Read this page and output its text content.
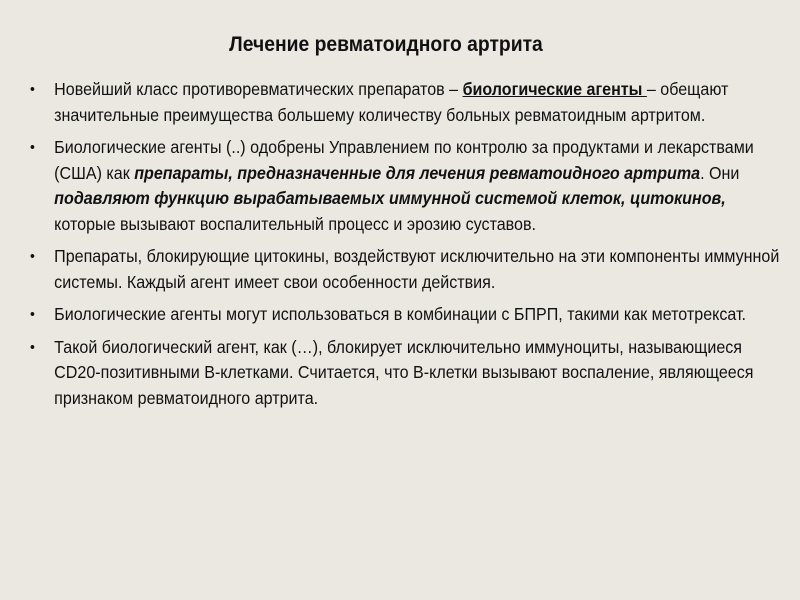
Лечение ревматоидного артрита
• Новейший класс противоревматических препаратов – биологические агенты – обещают значительные преимущества большему количеству больных ревматоидным артритом.
• Биологические агенты (..) одобрены Управлением по контролю за продуктами и лекарствами (США) как препараты, предназначенные для лечения ревматоидного артрита. Они подавляют функцию вырабатываемых иммунной системой клеток, цитокинов, которые вызывают воспалительный процесс и эрозию суставов.
• Препараты, блокирующие цитокины, воздействуют исключительно на эти компоненты иммунной системы. Каждый агент имеет свои особенности действия.
• Биологические агенты могут использоваться в комбинации с БПРП, такими как метотрексат.
• Такой биологический агент, как (…), блокирует исключительно иммуноциты, называющиеся CD20-позитивными В-клетками. Считается, что В-клетки вызывают воспаление, являющееся признаком ревматоидного артрита.
